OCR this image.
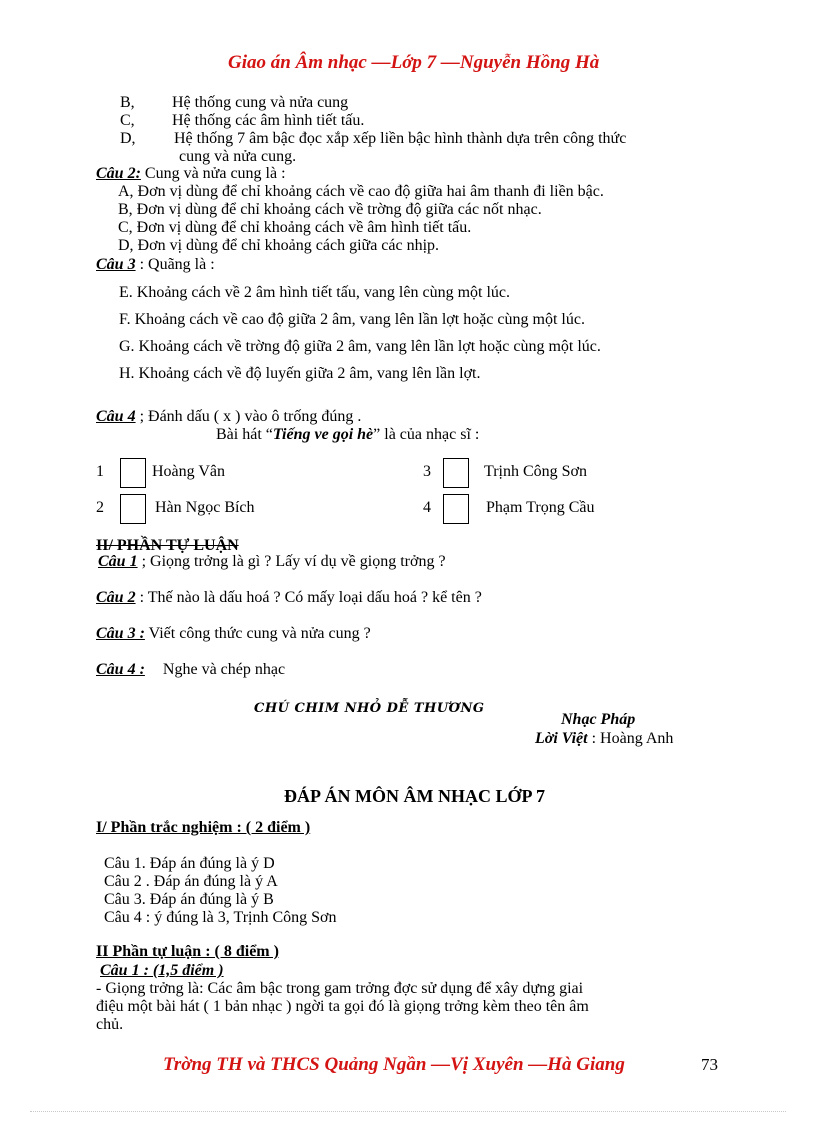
Giao án Âm nhạc —Lớp 7 —Nguyễn Hồng Hà
B, Hệ thống cung và nửa cung
C, Hệ thống các âm hình tiết tấu.
D, Hệ thống 7 âm bậc đọc xắp xếp liền bậc hình thành dựa trên công thức
cung và nửa cung.
Câu 2: Cung và nửa cung là :
A, Đơn vị dùng để chỉ khoảng cách về cao độ giữa hai âm thanh đi liền bậc.
B, Đơn vị dùng để chỉ khoảng cách về trờng độ giữa các nốt nhạc.
C, Đơn vị dùng để chỉ khoảng cách về âm hình tiết tấu.
D, Đơn vị dùng để chỉ khoảng cách giữa các nhịp.
Câu 3 : Quãng là :
E. Khoảng cách về 2 âm hình tiết tấu, vang lên cùng một lúc.
F. Khoảng cách về cao độ giữa 2 âm, vang lên lần lợt hoặc cùng một lúc.
G. Khoảng cách về trờng độ giữa 2 âm, vang lên lần lợt hoặc cùng một lúc.
H. Khoảng cách về độ luyến giữa 2 âm, vang lên lần lợt.
Câu 4 ; Đánh dấu ( x ) vào ô trống đúng .
Bài hát “Tiếng ve gọi hè” là của nhạc sĩ :
1	Hoàng Vân
2	Hàn Ngọc Bích
3	Trịnh Công Sơn
4	Phạm Trọng Cầu
II/ PHẦN TỰ LUẬN
Câu 1 ; Giọng trởng là gì ? Lấy ví dụ về giọng trởng ?
Câu 2 : Thế nào là dấu hoá ? Có mấy loại dấu hoá ? kể tên ?
Câu 3 : Viết công thức cung và nửa cung ?
Câu 4 : Nghe và chép nhạc
CHÚ CHIM NHỎ DỄ THƯƠNG
Nhạc Pháp
Lời Việt : Hoàng Anh
ĐÁP ÁN MÔN ÂM NHẠC LỚP 7
I/ Phần trắc nghiệm : ( 2 điểm )
Câu 1. Đáp án đúng là ý D
Câu 2 . Đáp án đúng là ý A
Câu 3. Đáp án đúng là ý B
Câu 4 : ý đúng là 3, Trịnh Công Sơn
II Phần tự luận : ( 8 điểm )
Câu 1 : (1,5 điểm )
- Giọng trởng là: Các âm bậc trong gam trởng đợc sử dụng để xây dựng giai
điệu một bài hát ( 1 bản nhạc ) ngời ta gọi đó là giọng trởng kèm theo tên âm
chủ.
Trờng TH và THCS Quảng Ngần —Vị Xuyên —Hà Giang	73
